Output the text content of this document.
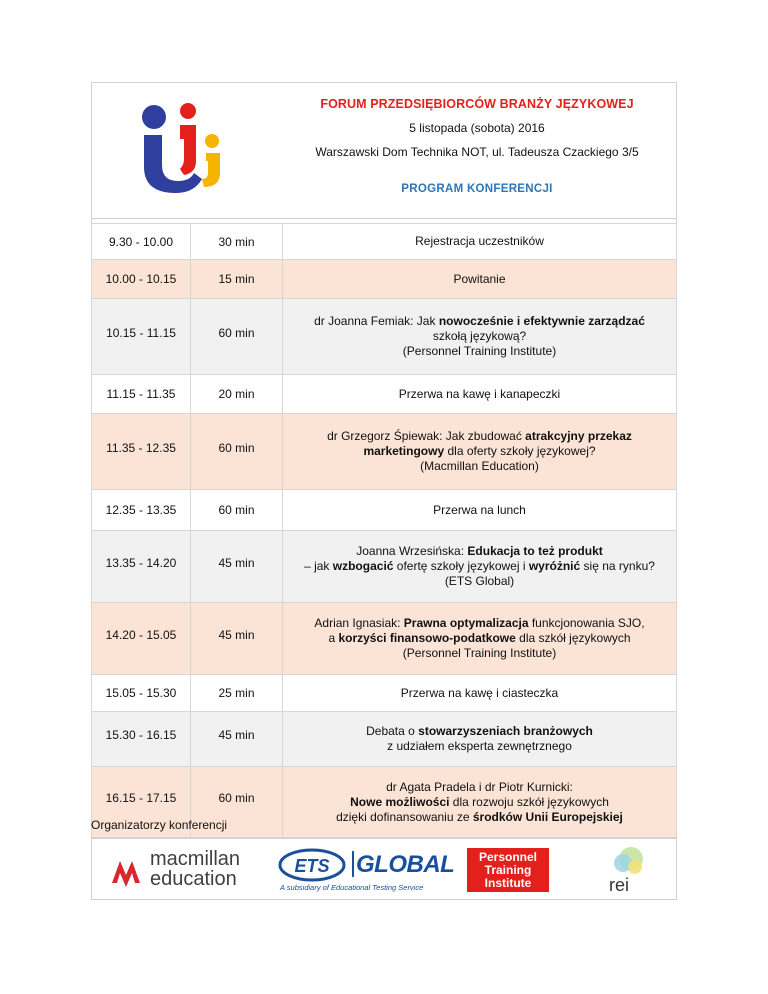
FORUM PRZEDSIĘBIORCÓW BRANŻY JĘZYKOWEJ
5 listopada (sobota) 2016
Warszawski Dom Technika NOT, ul. Tadeusza Czackiego 3/5
PROGRAM KONFERENCJI
9.30 - 10.00	30 min	Rejestracja uczestników

10.00 - 10.15	15 min	Powitanie

10.15 - 11.15	60 min	dr Joanna Femiak: Jak nowocześnie i efektywnie zarządzać
szkołą językową?
(Personnel Training Institute)

11.15 - 11.35	20 min	Przerwa na kawę i kanapeczki

11.35 - 12.35	60 min	dr Grzegorz Śpiewak: Jak zbudować atrakcyjny przekaz
marketingowy dla oferty szkoły językowej?
(Macmillan Education)

12.35 - 13.35	60 min	Przerwa na lunch

13.35 - 14.20	45 min	Joanna Wrzesińska: Edukacja to też produkt
– jak wzbogacić ofertę szkoły językowej i wyróżnić się na rynku?
(ETS Global)

14.20 - 15.05	45 min	Adrian Ignasiak: Prawna optymalizacja funkcjonowania SJO,
a korzyści finansowo-podatkowe dla szkół językowych
(Personnel Training Institute)

15.05 - 15.30	25 min	Przerwa na kawę i ciasteczka

15.30 - 16.15	45 min	Debata o stowarzyszeniach branżowych
z udziałem eksperta zewnętrznego

16.15 - 17.15	60 min	dr Agata Pradela i dr Piotr Kurnicki:
Nowe możliwości dla rozwoju szkół językowych
dzięki dofinansowaniu ze środków Unii Europejskiej
Organizatorzy konferencji
macmillan
education
ETS GLOBAL
A subsidiary of Educational Testing Service
Personnel
Training
Institute	rei
